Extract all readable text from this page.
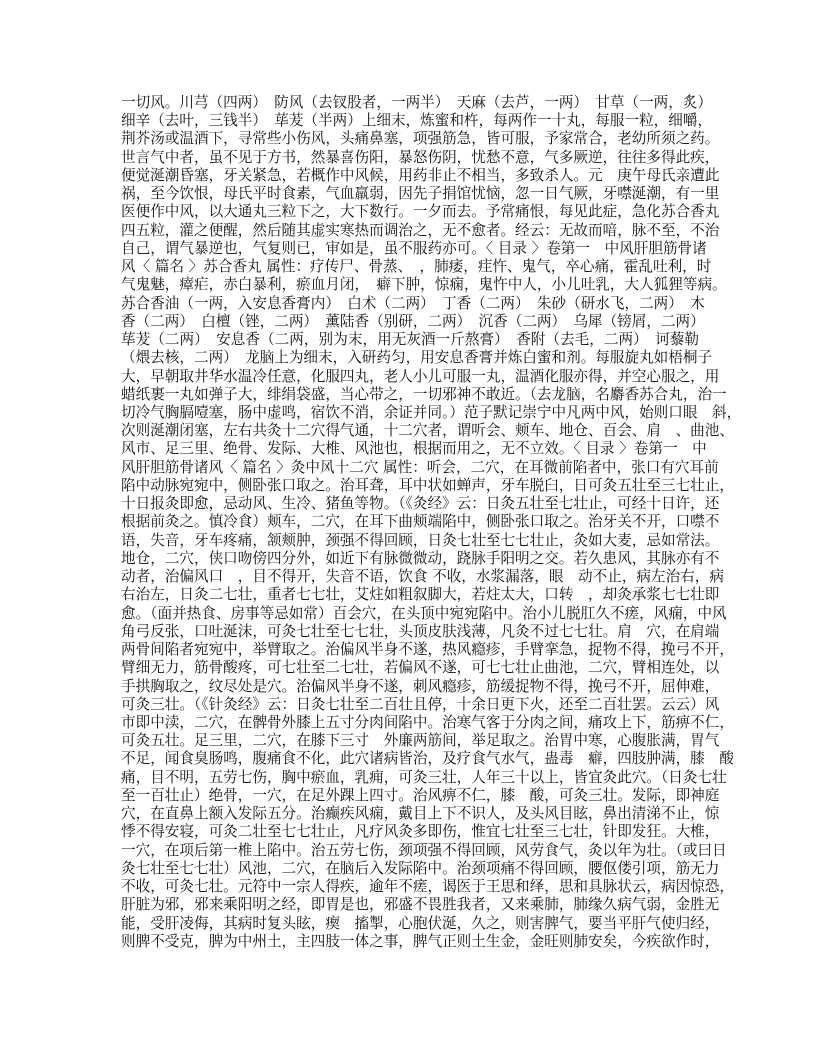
一切风。川芎（四两）　防风（去钗股者，一两半）　天麻（去芦，一两）　甘草（一两，炙）
细辛（去叶，三钱半）　荜茇（半两）上细末，炼蜜和杵，每两作一十丸，每服一粒，细嚼，
荆芥汤或温酒下，寻常些小伤风，头痛鼻塞，项强筋急，皆可服，予家常合，老幼所须之药。
世言气中者，虽不见于方书，然暴喜伤阳，暴怒伤阴，忧愁不意，气多厥逆，往往多得此疾，
便觉涎潮昏塞，牙关紧急，若概作中风候，用药非止不相当，多致杀人。元　庚午母氏亲遭此
祸，至今饮恨，母氏平时食素，气血羸弱，因先子捐馆忧恼，忽一日气厥，牙噤涎潮，有一里
医便作中风，以大通丸三粒下之，大下数行。一夕而去。予常痛恨，每见此症，急化苏合香丸
四五粒，灌之便醒，然后随其虚实寒热而调治之，无不愈者。经云：无故而喑，脉不至，不治
自己，谓气暴逆也，气复则已，审如是，虽不服药亦可。〈 目录 〉卷第一　中风肝胆筋骨诸
风〈 篇名 〉苏合香丸 属性：疗传尸、骨蒸、　，肺痿，疰忤、鬼气，卒心痛，霍乱吐利，时
气鬼魅，瘴疟，赤白暴利，瘀血月闭，　癖下肿，惊痫，鬼忤中人，小儿吐乳，大人狐狸等病。
苏合香油（一两，入安息香膏内）　白术（二两）　丁香（二两）　朱砂（研水飞，二两）　木
香（二两）　白檀（锉，二两）　薰陆香（别研，二两）　沉香（二两）　乌犀（镑屑，二两）
荜茇（二两）　安息香（二两，别为末，用无灰酒一斤熬膏）　香附（去毛，二两）　诃藜勒
（煨去核，二两）　龙脑上为细末，入研药匀，用安息香膏并炼白蜜和剂。每服旋丸如梧桐子
大，早朝取井华水温冷任意，化服四丸，老人小儿可服一丸，温酒化服亦得，并空心服之，用
蜡纸裹一丸如弹子大，绯绢袋盛，当心带之，一切邪神不敢近。（去龙脑，名麝香苏合丸，治一
切冷气胸膈噎塞，肠中虚鸣，宿饮不消，余证并同。）范子默记崇宁中凡两中风，始则口眼　斜，
次则涎潮闭塞，左右共灸十二穴得气通，十二穴者，谓听会、颊车、地仓、百会、肩　、曲池、
风市、足三里、绝骨、发际、大椎、风池也，根据而用之，无不立效。〈 目录 〉卷第一　中
风肝胆筋骨诸风〈 篇名 〉灸中风十二穴 属性：听会，二穴，在耳微前陷者中，张口有穴耳前
陷中动脉宛宛中，侧卧张口取之。治耳聋，耳中状如蝉声，牙车脱臼，日可灸五壮至三七壮止，
十日报灸即愈，忌动风、生冷、猪鱼等物。（《灸经》云：日灸五壮至七壮止，可经十日许，还
根据前灸之。慎冷食）颊车，二穴，在耳下曲颊端陷中，侧卧张口取之。治牙关不开，口噤不
语，失音，牙车疼痛，颔颊肿，颈强不得回顾，日灸七壮至七七壮止，灸如大麦，忌如常法。
地仓，二穴，侠口吻傍四分外，如近下有脉微微动，跷脉手阳明之交。若久患风，其脉亦有不
动者，治偏风口　，目不得开，失音不语，饮食 不收，水浆漏落，眼　动不止，病左治右，病
右治左，日灸二七壮，重者七七壮，艾炷如粗叙脚大，若炷太大，口转　，却灸承浆七七壮即
愈。（面并热食、房事等忌如常）百会穴，在头顶中宛宛陷中。治小儿脱肛久不瘥，风痫，中风
角弓反张，口吐涎沫，可灸七壮至七七壮，头顶皮肤浅薄，凡灸不过七七壮。肩　穴，在肩端
两骨间陷者宛宛中，举臂取之。治偏风半身不遂，热风瘾疹，手臂挛急，捉物不得，挽弓不开，
臂细无力，筋骨酸疼，可七壮至二七壮，若偏风不遂，可七七壮止曲池，二穴，臂相连处，以
手拱胸取之，纹尽处是穴。治偏风半身不遂，刺风瘾疹，筋缓捉物不得，挽弓不开，屈伸难，
可灸三壮。（《针灸经》云：日灸七壮至二百壮且停，十余日更下火，还至二百壮罢。云云）风
市即中渎，二穴，在髀骨外膝上五寸分肉间陷中。治寒气客于分肉之间，痛攻上下，筋痹不仁，
可灸五壮。足三里，二穴，在膝下三寸　外廉两筋间，举足取之。治胃中寒，心腹胀满，胃气
不足，闻食臭肠鸣，腹痛食不化，此穴诸病皆治，及疗食气水气，蛊毒　癖，四肢肿满，膝　酸
痛，目不明，五劳七伤，胸中瘀血，乳痈，可灸三壮，人年三十以上，皆宜灸此穴。（日灸七壮
至一百壮止）绝骨，一穴，在足外踝上四寸。治风痹不仁，膝　酸，可灸三壮。发际，即神庭
穴，在直鼻上额入发际五分。治癫疾风痫，戴目上下不识人，及头风目眩，鼻出清涕不止，惊
悸不得安寝，可灸二壮至七七壮止，凡疗风灸多即伤，惟宜七壮至三七壮，针即发狂。大椎，
一穴，在项后第一椎上陷中。治五劳七伤，颈项强不得回顾，风劳食气，灸以年为壮。（或曰日
灸七壮至七七壮）风池，二穴，在脑后入发际陷中。治颈项痛不得回顾，腰伛偻引项，筋无力
不收，可灸七壮。元符中一宗人得疾，逾年不瘥，谒医于王思和绎，思和具脉状云，病因惊恐，
肝脏为邪，邪来乘阳明之经，即胃是也，邪盛不畏胜我者，又来乘肺，肺缘久病气弱，金胜无
能，受肝凌侮，其病时复头眩，瘈　搐掣，心胞伏涎，久之，则害脾气，要当平肝气使归经，
则脾不受克，脾为中州土，主四肢一体之事，脾气正则土生金，金旺则肺安矣，今疾欲作时，
